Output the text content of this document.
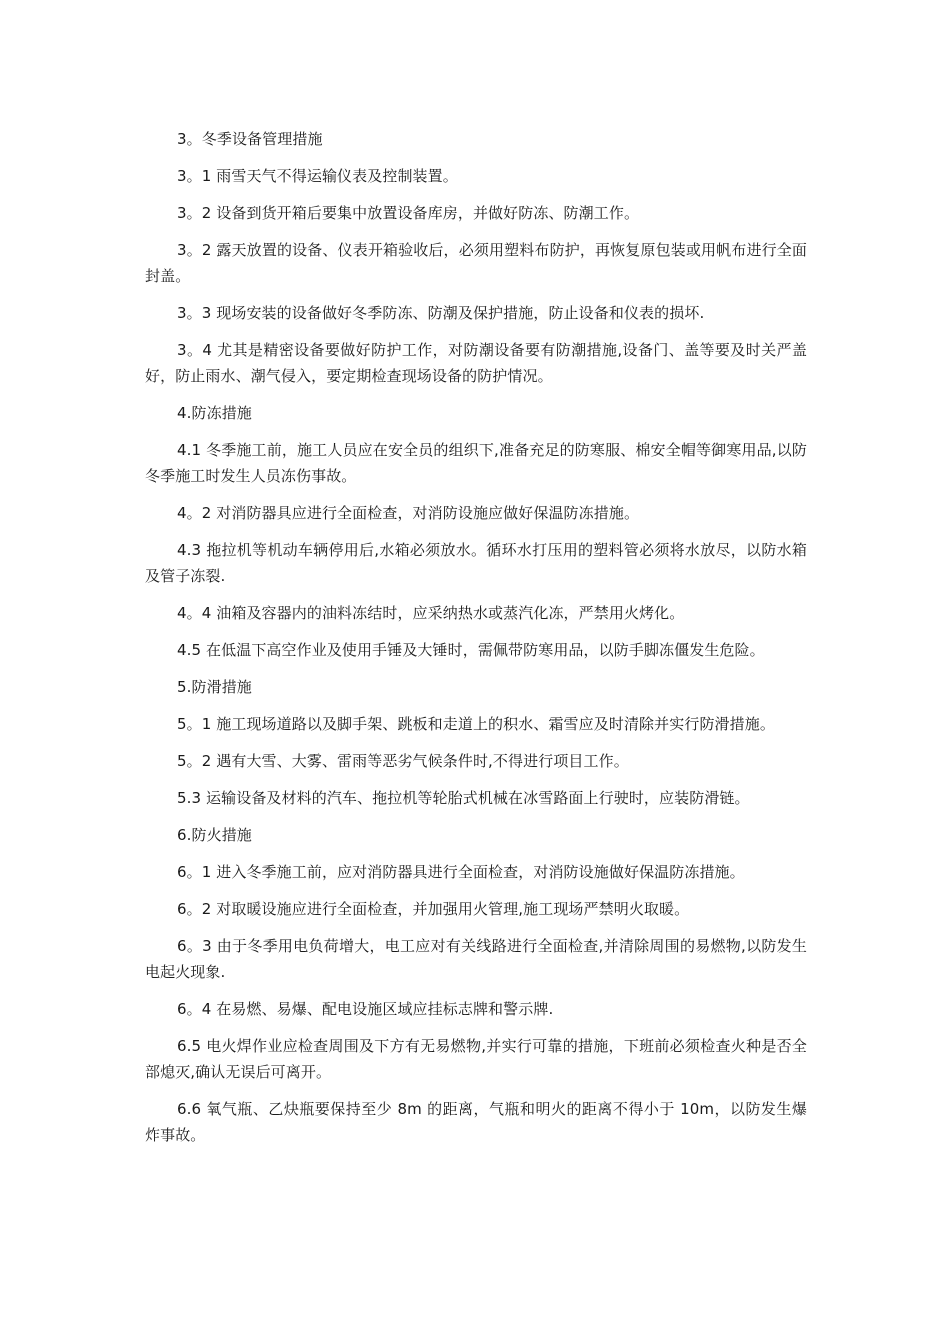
3。冬季设备管理措施

3。1 雨雪天气不得运输仪表及控制装置。

3。2 设备到货开箱后要集中放置设备库房，并做好防冻、防潮工作。

3。2 露天放置的设备、仪表开箱验收后，必须用塑料布防护，再恢复原包装或用帆布进行全面封盖。

3。3 现场安装的设备做好冬季防冻、防潮及保护措施，防止设备和仪表的损坏.

3。4 尤其是精密设备要做好防护工作，对防潮设备要有防潮措施,设备门、盖等要及时关严盖好，防止雨水、潮气侵入，要定期检查现场设备的防护情况。

4.防冻措施

4.1 冬季施工前，施工人员应在安全员的组织下,准备充足的防寒服、棉安全帽等御寒用品,以防冬季施工时发生人员冻伤事故。

4。2 对消防器具应进行全面检查，对消防设施应做好保温防冻措施。

4.3 拖拉机等机动车辆停用后,水箱必须放水。循环水打压用的塑料管必须将水放尽，以防水箱及管子冻裂.

4。4 油箱及容器内的油料冻结时，应采纳热水或蒸汽化冻，严禁用火烤化。

4.5 在低温下高空作业及使用手锤及大锤时，需佩带防寒用品，以防手脚冻僵发生危险。

5.防滑措施

5。1 施工现场道路以及脚手架、跳板和走道上的积水、霜雪应及时清除并实行防滑措施。

5。2 遇有大雪、大雾、雷雨等恶劣气候条件时,不得进行项目工作。

5.3 运输设备及材料的汽车、拖拉机等轮胎式机械在冰雪路面上行驶时，应装防滑链。

6.防火措施

6。1 进入冬季施工前，应对消防器具进行全面检查，对消防设施做好保温防冻措施。

6。2 对取暖设施应进行全面检查，并加强用火管理,施工现场严禁明火取暖。

6。3 由于冬季用电负荷增大，电工应对有关线路进行全面检查,并清除周围的易燃物,以防发生电起火现象.

6。4 在易燃、易爆、配电设施区域应挂标志牌和警示牌.

6.5 电火焊作业应检查周围及下方有无易燃物,并实行可靠的措施，下班前必须检查火种是否全部熄灭,确认无误后可离开。

6.6 氧气瓶、乙炔瓶要保持至少 8m 的距离，气瓶和明火的距离不得小于 10m，以防发生爆炸事故。
